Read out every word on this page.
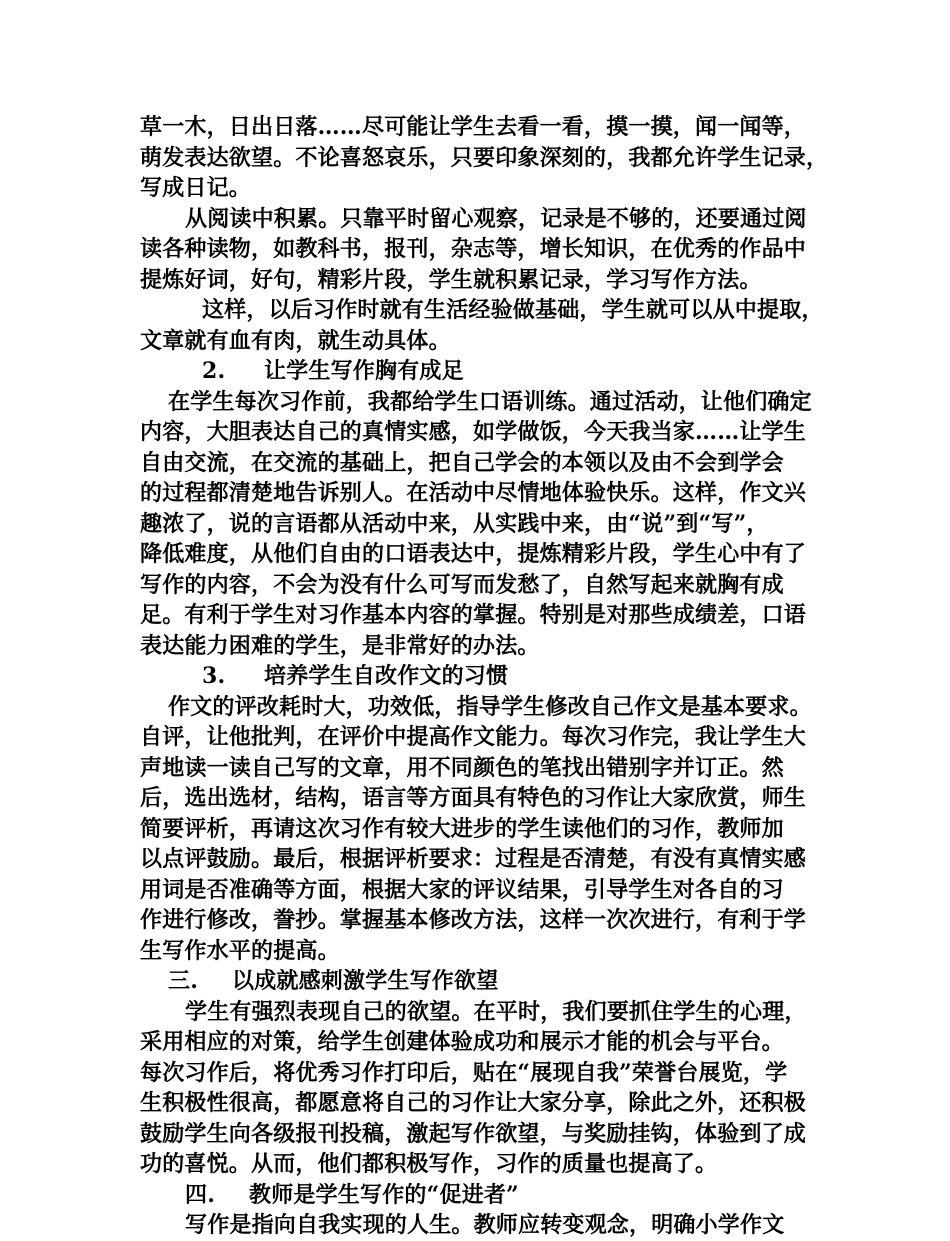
草一木，日出日落……尽可能让学生去看一看，摸一摸，闻一闻等，
萌发表达欲望。不论喜怒哀乐，只要印象深刻的，我都允许学生记录，
写成日记。
从阅读中积累。只靠平时留心观察，记录是不够的，还要通过阅
读各种读物，如教科书，报刊，杂志等，增长知识，在优秀的作品中
提炼好词，好句，精彩片段，学生就积累记录，学习写作方法。
这样，以后习作时就有生活经验做基础，学生就可以从中提取，
文章就有血有肉，就生动具体。
2. 让学生写作胸有成足
在学生每次习作前，我都给学生口语训练。通过活动，让他们确定
内容，大胆表达自己的真情实感，如学做饭，今天我当家……让学生
自由交流，在交流的基础上，把自己学会的本领以及由不会到学会
的过程都清楚地告诉别人。在活动中尽情地体验快乐。这样，作文兴
趣浓了，说的言语都从活动中来，从实践中来，由“说”到“写”，
降低难度，从他们自由的口语表达中，提炼精彩片段，学生心中有了
写作的内容，不会为没有什么可写而发愁了，自然写起来就胸有成
足。有利于学生对习作基本内容的掌握。特别是对那些成绩差，口语
表达能力困难的学生，是非常好的办法。
3. 培养学生自改作文的习惯
作文的评改耗时大，功效低，指导学生修改自己作文是基本要求。
自评，让他批判，在评价中提高作文能力。每次习作完，我让学生大
声地读一读自己写的文章，用不同颜色的笔找出错别字并订正。然
后，选出选材，结构，语言等方面具有特色的习作让大家欣赏，师生
简要评析，再请这次习作有较大进步的学生读他们的习作，教师加
以点评鼓励。最后，根据评析要求：过程是否清楚，有没有真情实感
用词是否准确等方面，根据大家的评议结果，引导学生对各自的习
作进行修改，誊抄。掌握基本修改方法，这样一次次进行，有利于学
生写作水平的提高。
三. 以成就感刺激学生写作欲望
学生有强烈表现自己的欲望。在平时，我们要抓住学生的心理，
采用相应的对策，给学生创建体验成功和展示才能的机会与平台。
每次习作后，将优秀习作打印后，贴在“展现自我”荣誉台展览，学
生积极性很高，都愿意将自己的习作让大家分享，除此之外，还积极
鼓励学生向各级报刊投稿，激起写作欲望，与奖励挂钩，体验到了成
功的喜悦。从而，他们都积极写作，习作的质量也提高了。
四. 教师是学生写作的“促进者”
写作是指向自我实现的人生。教师应转变观念，明确小学作文
